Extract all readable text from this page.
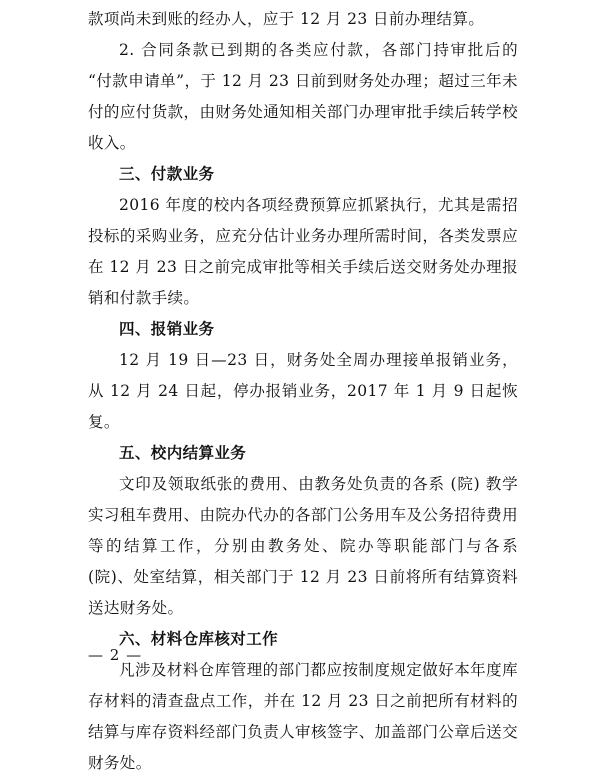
款项尚未到账的经办人，应于 12 月 23 日前办理结算。

2. 合同条款已到期的各类应付款，各部门持审批后的 “付款申请单”，于 12 月 23 日前到财务处办理；超过三年未付的应付货款，由财务处通知相关部门办理审批手续后转学校收入。

三、付款业务

2016 年度的校内各项经费预算应抓紧执行，尤其是需招投标的采购业务，应充分估计业务办理所需时间，各类发票应在 12 月 23 日之前完成审批等相关手续后送交财务处办理报销和付款手续。

四、报销业务

12 月 19 日—23 日，财务处全周办理接单报销业务，从 12 月 24 日起，停办报销业务，2017 年 1 月 9 日起恢复。

五、校内结算业务

文印及领取纸张的费用、由教务处负责的各系 (院) 教学实习租车费用、由院办代办的各部门公务用车及公务招待费用等的结算工作，分别由教务处、院办等职能部门与各系 (院)、处室结算，相关部门于 12 月 23 日前将所有结算资料送达财务处。

六、材料仓库核对工作

凡涉及材料仓库管理的部门都应按制度规定做好本年度库存材料的清查盘点工作，并在 12 月 23 日之前把所有材料的结算与库存资料经部门负责人审核签字、加盖部门公章后送交财务处。

— 2 —
